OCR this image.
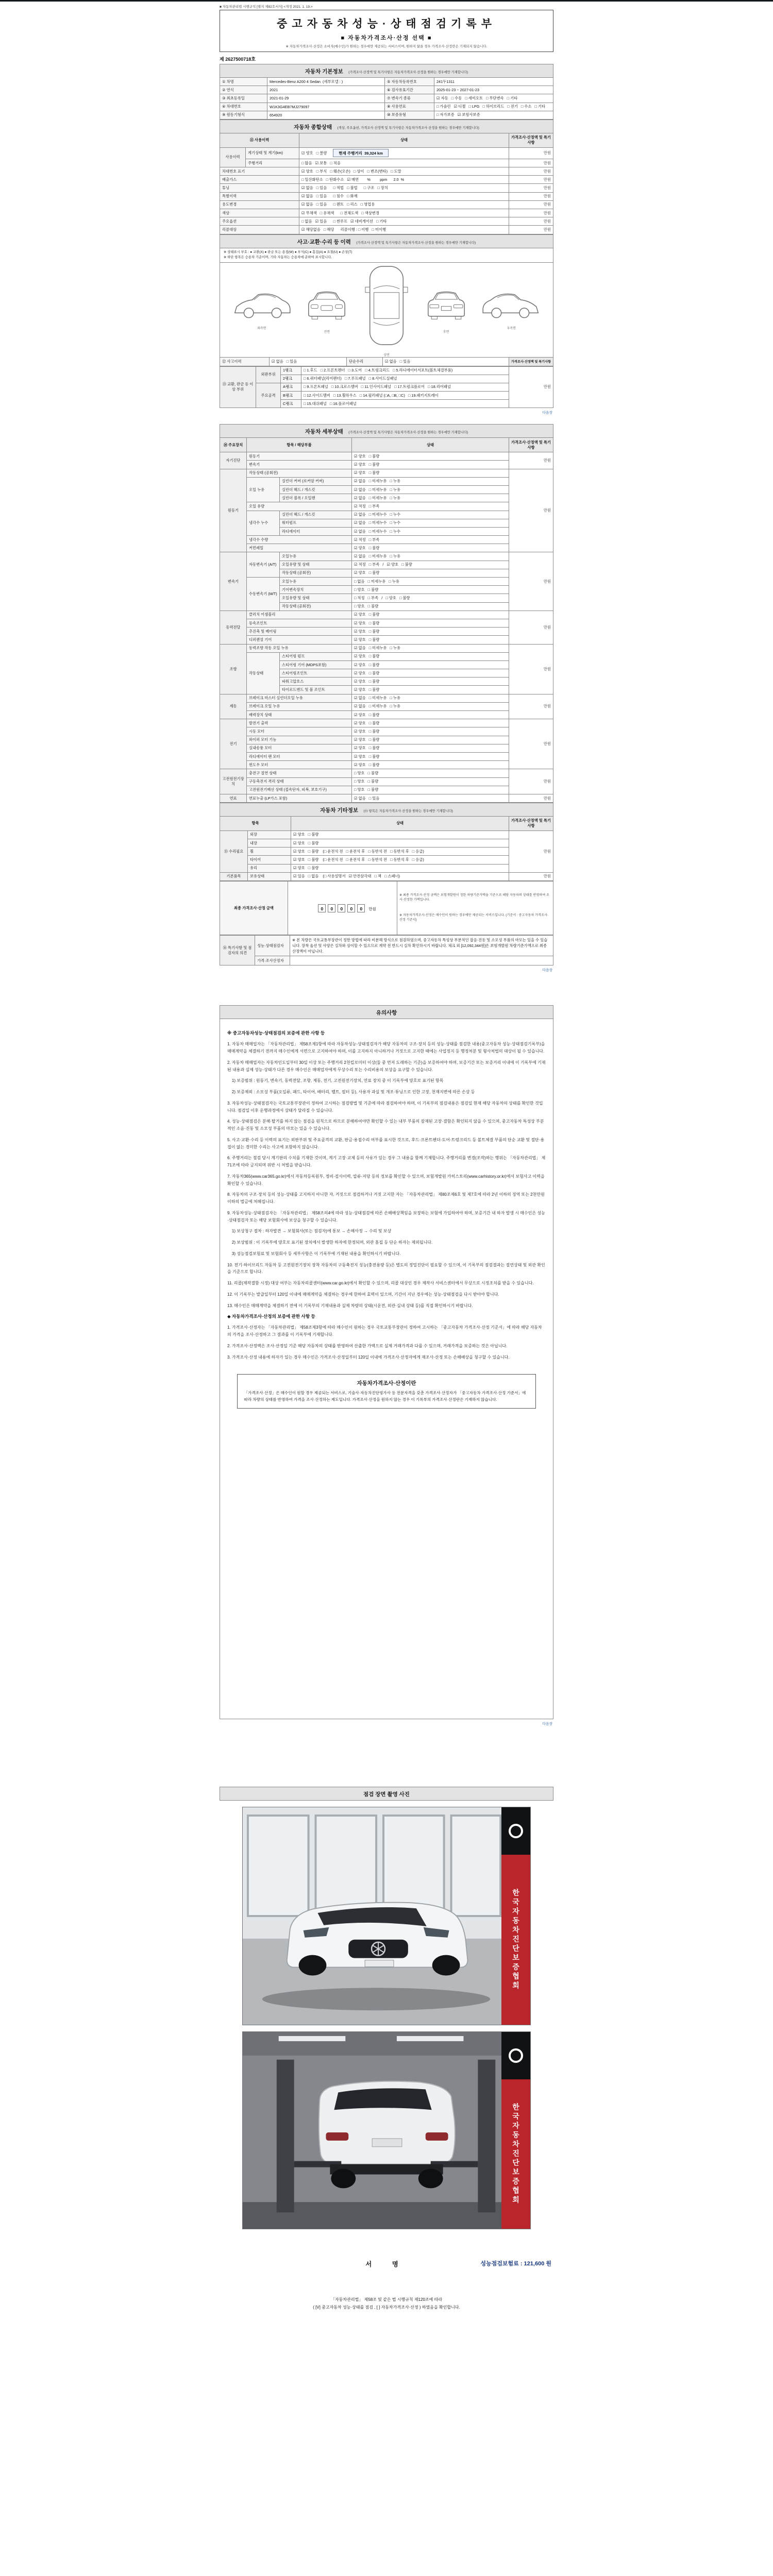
■ 자동차관리법 시행규칙 [별지 제82호서식] <개정 2021. 1. 19.>
중고자동차성능·상태점검기록부
■ 자동차가격조사·산정 선택 ■
※ 자동차가격조사·산정은 소비자(매수인)가 원하는 경우에만 제공되는 서비스이며, 원하지 않을 경우 가격조사·산정란은 기재되지 않습니다.
제 2627500718호
자동차 기본정보 (가격조사·산정액 및 특기사항은 자동차가격조사·산정을 원하는 경우에만 기재합니다)
① 차명	Mercedes-Benz A200 4 Sedan  (세부모델 : )	⑤ 자동차등록번호	241두1311
② 연식	2021	⑥ 검사유효기간	2025-01-23 ~ 2027-01-23
③ 최초등록일	2021-01-29	⑦ 변속기 종류	☑ 자동   □ 수동   □ 세미오토   □ 무단변속   □ 기타
④ 차대번호	W1K3G4EB7MJ279097	⑧ 사용연료	□ 가솔린   ☑ 디젤   □ LPG   □ 하이브리드   □ 전기   □ 수소   □ 기타
⑨ 원동기형식	654920	⑩ 보증유형	□ 자가보증   ☑ 보험사보증
자동차 종합상태 (색상, 주요옵션, 가격조사·산정액 및 특기사항은 자동차가격조사·산정을 원하는 경우에만 기재합니다)
⑪ 사용이력		상태	가격조사·산정액 및 특기사항
사용이력	계기상태 및 계기(km)	☑ 양호   □ 불량 현재 주행거리  39,324 km	만원
	주행거리	□ 많음   ☑ 보통   □ 적음	만원
차대번호 표기		☑ 양호   □ 부식   □ 훼손(오손)   □ 상이   □ 변조(변타)   □ 도말	만원
배출가스		□ 일산화탄소   □ 탄화수소   ☑ 매연        %         ppm      2.0  %	만원
튜닝		☑ 없음   □ 있음      □ 적법   □ 불법      □ 구조   □ 장치	만원
특별이력		☑ 없음   □ 있음      □ 침수   □ 화재	만원
용도변경		☑ 없음   □ 있음      □ 렌트   □ 리스   □ 영업용	만원
색상		☑ 무채색   □ 유채색      □ 전체도색   □ 색상변경	만원
주요옵션		□ 없음   ☑ 있음      □ 썬루프   ☑ 네비게이션   □ 기타	만원
리콜대상		☑ 해당없음   □ 해당      리콜이행 : □ 이행   □ 미이행	만원
사고·교환·수리 등 이력 (가격조사·산정액 및 특기사항은 자동차가격조사·산정을 원하는 경우에만 기재합니다)

※ 상태표시 부호 : ● 교환(X) ● 판금 또는 용접(W) ● 부식(C) ● 흠집(A) ● 요철(U) ● 손상(T)

※ 하단 항목은 승용차 기준이며, 기타 자동차는 승용차에 준하여 표시합니다.

좌측면
전면
상면
후면
우측면
⑫ 사고이력	☑ 없음   □ 있음	단순수리	☑ 없음   □ 있음	가격조사·산정액 및 특기사항
⑬ 교환, 판금 등 이상 부위	외판부위	1랭크	□ 1.후드   □ 2.프론트펜더   □ 3.도어   □ 4.트렁크리드   □ 5.라디에이터서포트(볼트체결부품)	만원
		2랭크	□ 6.쿼터패널(리어펜더)   □ 7.루프패널   □ 8.사이드실패널	
	주요골격	A랭크	□ 9.프론트패널   □ 10.크로스멤버   □ 11.인사이드패널   □ 17.트렁크플로어   □ 18.리어패널	
		B랭크	□ 12.사이드멤버   □ 13.휠하우스   □ 14.필러패널 (□A, □B, □C)   □ 19.패키지트레이	
		C랭크	□ 15.대쉬패널   □ 16.플로어패널	
다음장
자동차 세부상태 (가격조사·산정액 및 특기사항은 자동차가격조사·산정을 원하는 경우에만 기재합니다)
⑭ 주요장치	항목 / 해당부품		상태	가격조사·산정액 및 특기사항
자기진단	원동기		☑ 양호   □ 불량	만원
	변속기		☑ 양호   □ 불량	
원동기	작동상태 (공회전)		☑ 양호   □ 불량	만원
	오일 누유	실린더 커버 (로커암 커버)	☑ 없음   □ 미세누유   □ 누유	
		실린더 헤드 / 개스킷	☑ 없음   □ 미세누유   □ 누유	
		실린더 블록 / 오일팬	☑ 없음   □ 미세누유   □ 누유	
	오일 유량		☑ 적정   □ 부족	
	냉각수 누수	실린더 헤드 / 개스킷	☑ 없음   □ 미세누수   □ 누수	
		워터펌프	☑ 없음   □ 미세누수   □ 누수	
		라디에이터	☑ 없음   □ 미세누수   □ 누수	
	냉각수 수량		☑ 적정   □ 부족	
	커먼레일		☑ 양호   □ 불량	
변속기	자동변속기 (A/T)	오일누유	☑ 없음   □ 미세누유   □ 누유	만원
		오일유량 및 상태	☑ 적정   □ 부족   /   ☑ 양호   □ 불량	
		작동상태 (공회전)	☑ 양호   □ 불량	
	수동변속기 (M/T)	오일누유	□ 없음   □ 미세누유   □ 누유	
		기어변속장치	□ 양호   □ 불량	
		오일유량 및 상태	□ 적정   □ 부족   /   □ 양호   □ 불량	
		작동상태 (공회전)	□ 양호   □ 불량	
동력전달	클러치 어셈블리		☑ 양호   □ 불량	만원
	등속조인트		☑ 양호   □ 불량	
	추진축 및 베어링		☑ 양호   □ 불량	
	디퍼렌셜 기어		☑ 양호   □ 불량	
조향	동력조향 작동 오일 누유		☑ 없음   □ 미세누유   □ 누유	만원
	작동상태	스티어링 펌프	☑ 양호   □ 불량	
		스티어링 기어 (MDPS포함)	☑ 양호   □ 불량	
		스티어링조인트	☑ 양호   □ 불량	
		파워고압호스	☑ 양호   □ 불량	
		타이로드엔드 및 볼 조인트	☑ 양호   □ 불량	
제동	브레이크 마스터 실린더오일 누유		☑ 없음   □ 미세누유   □ 누유	만원
	브레이크 오일 누유		☑ 없음   □ 미세누유   □ 누유	
	배력장치 상태		☑ 양호   □ 불량	
전기	발전기 출력		☑ 양호   □ 불량	만원
	시동 모터		☑ 양호   □ 불량	
	와이퍼 모터 기능		☑ 양호   □ 불량	
	실내송풍 모터		☑ 양호   □ 불량	
	라디에이터 팬 모터		☑ 양호   □ 불량	
	윈도우 모터		☑ 양호   □ 불량	
고전원전기장치	충전구 절연 상태		□ 양호   □ 불량	만원
	구동축전지 격리 상태		□ 양호   □ 불량	
	고전원전기배선 상태 (접속단자, 피복, 보호기구)		□ 양호   □ 불량	
연료	연료누출 (LP가스 포함)		☑ 없음   □ 있음	만원
자동차 기타정보 (⑮ 항목은 자동차가격조사·산정을 원하는 경우에만 기재합니다)
항목		상태	가격조사·산정액 및 특기사항
⑮ 수리필요	외장	☑ 양호   □ 불량	만원
	내장	☑ 양호   □ 불량	
	휠	☑ 양호   □ 불량    (□ 운전석 전   □ 운전석 후   □ 동반석 전   □ 동반석 후   □ 응급)	
	타이어	☑ 양호   □ 불량    (□ 운전석 전   □ 운전석 후   □ 동반석 전   □ 동반석 후   □ 응급)	
	유리	☑ 양호   □ 불량	
기본품목	보유상태	☑ 있음   □ 없음    (□ 사용설명서   ☑ 안전삼각대   □ 잭   □ 스패너)	만원
최종 가격조사·산정 금액	0 0 0 0 0 만원

※ 최종 가격조사·산정 금액은 보험개발원이 정한 차량기준가액을 기준으로 해당 자동차의 상태를 반영하여 조사·산정한 가액입니다.

※ 자동차가격조사·산정은 매수인이 원하는 경우에만 제공되는 서비스입니다. (기준서 : 중고자동차 가격조사·산정 기준서)

⑯ 특기사항 및 점검자의 의견	성능·상태점검자	※ 본 차량은 국토교통부장관이 정한 방법에 따라 비분해 방식으로 점검하였으며, 중고자동차 특성상 부분적인 잡음·진동 및 소모성 부품의 마모는 있을 수 있습니다. 장착 옵션 및 사양은 실차와 상이할 수 있으므로 계약 전 반드시 실차 확인하시기 바랍니다. 체크 외 [12,092,344원]은 보험개발원 차량기준가액으로 최종 산정액이 아닙니다.
	가격·조사산정자	
다음장
유의사항

※ 중고자동차성능·상태점검의 보증에 관한 사항 등

1. 자동차 매매업자는 「자동차관리법」 제58조제1항에 따라 자동차성능·상태점검자가 해당 자동차의 구조·장치 등의 성능·상태를 점검한 내용(중고자동차 성능·상태점검기록부)을 매매계약을 체결하기 전까지 매수인에게 서면으로 고지하여야 하며, 이를 고지하지 아니하거나 거짓으로 고지한 때에는 사업정지 등 행정처분 및 형사처벌의 대상이 될 수 있습니다.

2. 자동차 매매업자는 자동차인도일부터 30일 이상 또는 주행거리 2천킬로미터 이상(둘 중 먼저 도래하는 기준)을 보증하여야 하며, 보증기간 또는 보증거리 이내에 이 기록부에 기재된 내용과 실제 성능·상태가 다른 경우 매수인은 매매업자에게 무상수리 또는 수리비용의 보상을 요구할 수 있습니다.

1) 보증범위 : 원동기, 변속기, 동력전달, 조향, 제동, 전기, 고전원전기장치, 연료 장치 중 이 기록부에 양호로 표기된 항목

2) 보증제외 : 소모성 부품(오일류, 패드, 타이어, 배터리, 벨트, 필터 등), 사용자 과실 및 개조·튜닝으로 인한 고장, 천재지변에 따른 손상 등

3. 자동차성능·상태점검자는 국토교통부장관이 정하여 고시하는 점검방법 및 기준에 따라 점검하여야 하며, 이 기록부의 점검내용은 점검일 현재 해당 자동차의 상태를 확인한 것입니다. 점검일 이후 운행과정에서 상태가 달라질 수 있습니다.

4. 성능·상태점검은 분해·탈거를 하지 않는 점검을 원칙으로 하므로 분해하여야만 확인할 수 있는 내부 부품의 잠재된 고장·결함은 확인되지 않을 수 있으며, 중고자동차 특성상 부분적인 소음·진동 및 소모성 부품의 마모는 있을 수 있습니다.

5. 사고·교환·수리 등 이력의 표기는 외판부위 및 주요골격의 교환, 판금·용접수리 여부를 표시한 것으로, 후드·프론트펜더·도어·트렁크리드 등 볼트체결 부품의 단순 교환 및 절단·용접이 없는 경미한 수리는 사고에 포함하지 않습니다.

6. 주행거리는 점검 당시 계기판의 수치를 기재한 것이며, 계기 고장·교체 등의 사유가 있는 경우 그 내용을 함께 기재합니다. 주행거리를 변경(조작)하는 행위는 「자동차관리법」 제71조에 따라 금지되며 위반 시 처벌을 받습니다.

7. 자동차365(www.car365.go.kr)에서 자동차등록원부, 정비·검사이력, 압류·저당 등의 정보를 확인할 수 있으며, 보험개발원 카히스토리(www.carhistory.or.kr)에서 보험사고 이력을 확인할 수 있습니다.

8. 자동차의 구조·장치 등의 성능·상태를 고지하지 아니한 자, 거짓으로 점검하거나 거짓 고지한 자는 「자동차관리법」 제80조제6호 및 제7호에 따라 2년 이하의 징역 또는 2천만원 이하의 벌금에 처해집니다.

9. 자동차성능·상태점검자는 「자동차관리법」 제58조의4에 따라 성능·상태점검에 따른 손해배상책임을 보장하는 보험에 가입하여야 하며, 보증기간 내 하자 발생 시 매수인은 성능·상태점검자 또는 해당 보험회사에 보상을 청구할 수 있습니다.

1) 보상청구 절차 : 하자발견 → 보험회사(또는 점검자)에 통보 → 손해사정 → 수리 및 보상

2) 보상범위 : 이 기록부에 양호로 표기된 장치에서 발생한 하자에 한정되며, 외관 흠집 등 단순 하자는 제외됩니다.

3) 성능점검보험료 및 보험회사 등 세부사항은 이 기록부에 기재된 내용을 확인하시기 바랍니다.

10. 전기·하이브리드 자동차 등 고전원전기장치 장착 자동차의 구동축전지 성능(충전용량 등)은 별도의 정밀진단이 필요할 수 있으며, 이 기록부의 점검결과는 절연상태 및 외관 확인을 기준으로 합니다.

11. 리콜(제작결함 시정) 대상 여부는 자동차리콜센터(www.car.go.kr)에서 확인할 수 있으며, 리콜 대상인 경우 제작사 서비스센터에서 무상으로 시정조치를 받을 수 있습니다.

12. 이 기록부는 발급일부터 120일 이내에 매매계약을 체결하는 경우에 한하여 효력이 있으며, 기간이 지난 경우에는 성능·상태점검을 다시 받아야 합니다.

13. 매수인은 매매계약을 체결하기 전에 이 기록부의 기재내용과 실제 차량의 상태(시운전, 외관·실내 상태 등)를 직접 확인하시기 바랍니다.

◆ 자동차가격조사·산정의 보증에 관한 사항 등

1. 가격조사·산정자는 「자동차관리법」 제58조제3항에 따라 매수인이 원하는 경우 국토교통부장관이 정하여 고시하는 「중고자동차 가격조사·산정 기준서」에 따라 해당 자동차의 가격을 조사·산정하고 그 결과를 이 기록부에 기재합니다.

2. 가격조사·산정액은 조사·산정일 기준 해당 자동차의 상태를 반영하여 산출한 가액으로 실제 거래가격과 다를 수 있으며, 거래가격을 보증하는 것은 아닙니다.

3. 가격조사·산정 내용에 하자가 있는 경우 매수인은 가격조사·산정일부터 120일 이내에 가격조사·산정자에게 재조사·산정 또는 손해배상을 청구할 수 있습니다.

자동차가격조사·산정이란
「가격조사·산정」은 매수인이 원할 경우 제공되는 서비스로, 기술사·자동차진단평가사 등 전문자격을 갖춘 가격조사·산정자가 「중고자동차 가격조사·산정 기준서」에 따라 차량의 상태를 반영하여 가격을 조사·산정하는 제도입니다. 가격조사·산정을 원하지 않는 경우 이 기록부의 가격조사·산정란은 기재하지 않습니다.
다음장
점검 장면 촬영 사진
한국자동차진단보증협회
한국자동차진단보증협회
서 명	성능점검보험료 : 121,600 원

「자동차관리법」 제58조 및 같은 법 시행규칙 제120조에 따라

( [V] 중고자동차 성능·상태를 점검 , [ ] 자동차가격조사·산정 ) 하였음을 확인합니다.
